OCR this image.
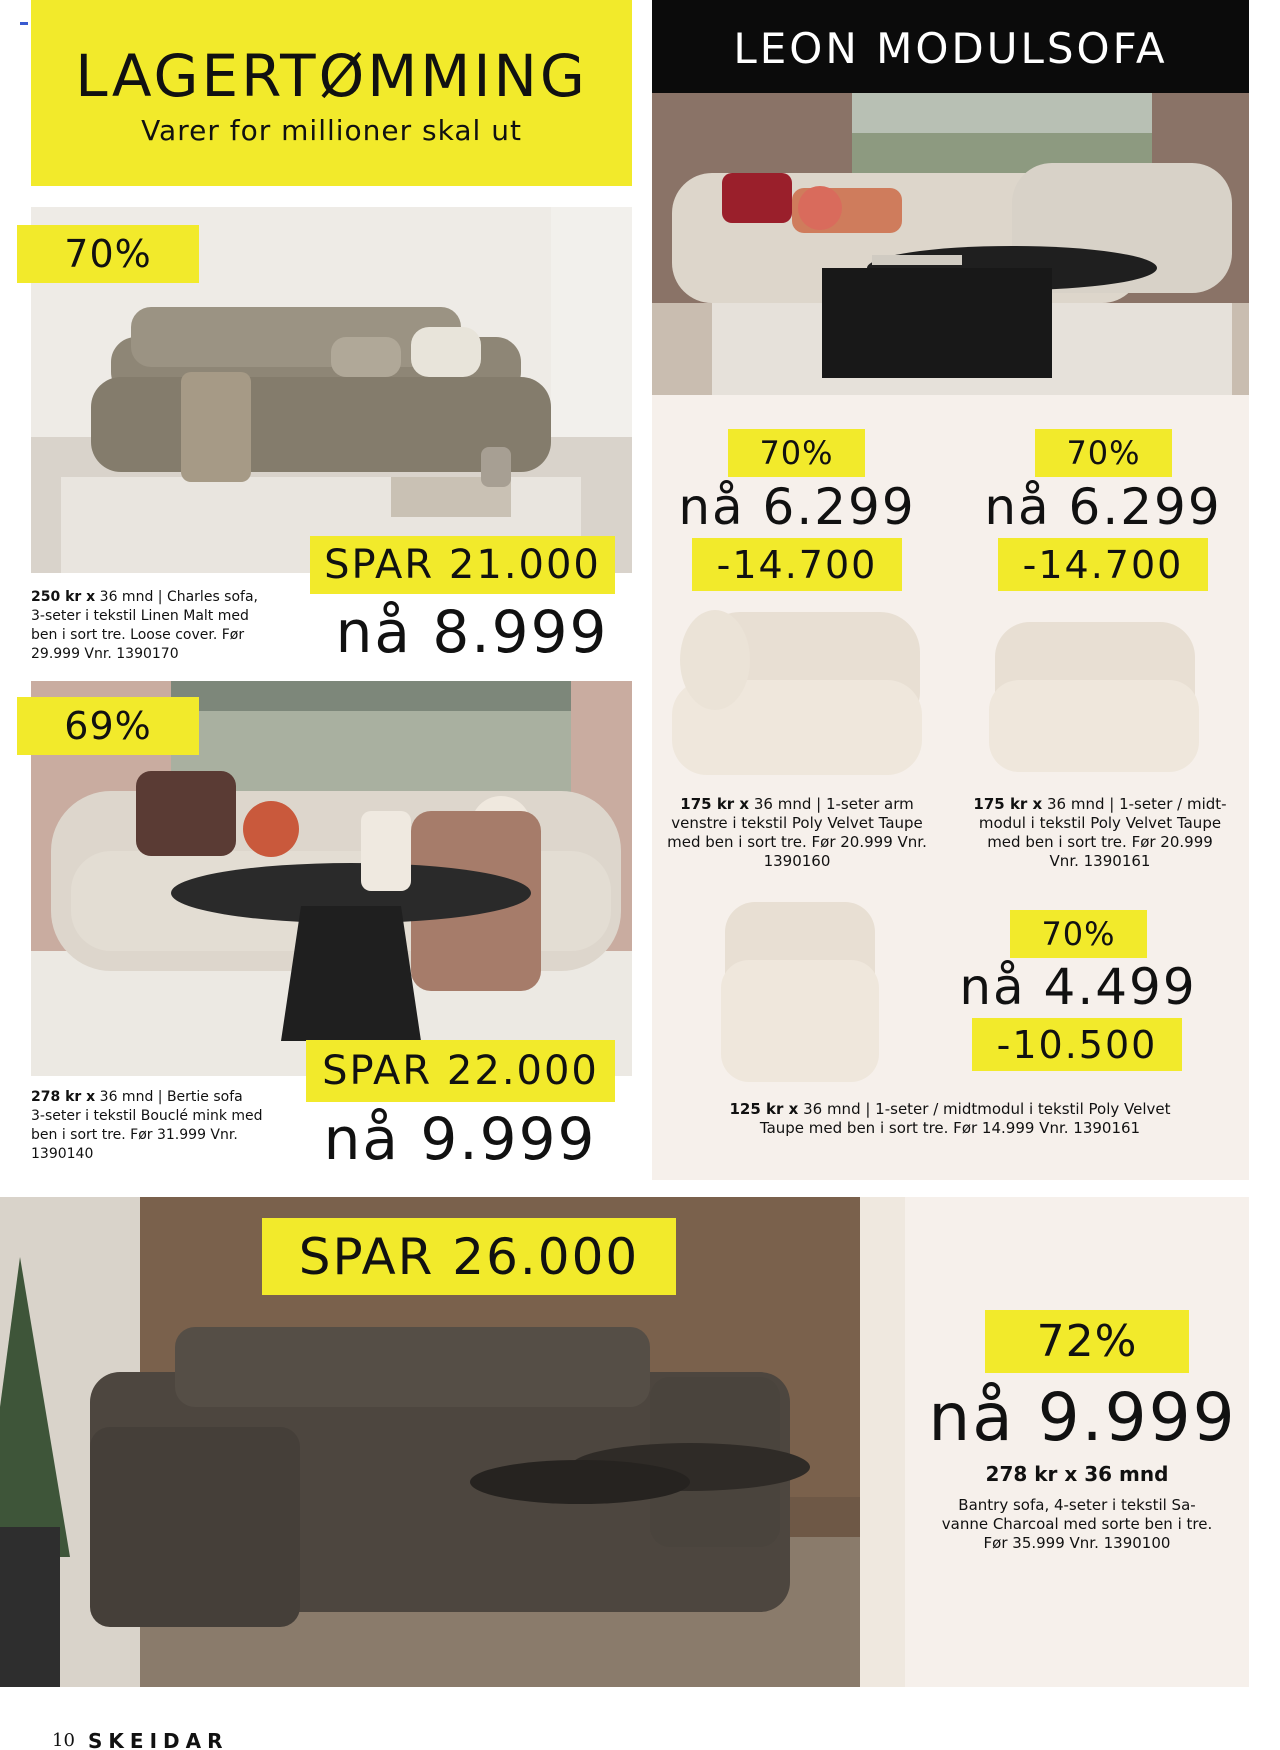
LAGERTØMMING
Varer for millioner skal ut
LEON MODULSOFA
70%
SPAR 21.000
nå 8.999
250 kr x 36 mnd | Charles sofa,
3-seter i tekstil Linen Malt med
ben i sort tre. Loose cover. Før
29.999 Vnr. 1390170
69%
SPAR 22.000
nå 9.999
278 kr x 36 mnd | Bertie sofa
3-seter i tekstil Bouclé mink med
ben i sort tre. Før 31.999 Vnr.
1390140
70%
nå 6.299
-14.700
175 kr x 36 mnd | 1-seter arm
venstre i tekstil Poly Velvet Taupe
med ben i sort tre. Før 20.999 Vnr.
1390160
70%
nå 6.299
-14.700
175 kr x 36 mnd | 1-seter / midt-
modul i tekstil Poly Velvet Taupe
med ben i sort tre. Før 20.999
Vnr. 1390161
70%
nå 4.499
-10.500
125 kr x 36 mnd | 1-seter / midtmodul i tekstil Poly Velvet
Taupe med ben i sort tre. Før 14.999 Vnr. 1390161
SPAR 26.000
72%
nå 9.999
278 kr x 36 mnd
Bantry sofa, 4-seter i tekstil Sa-
vanne Charcoal med sorte ben i tre.
Før 35.999 Vnr. 1390100
10 SKEIDAR
